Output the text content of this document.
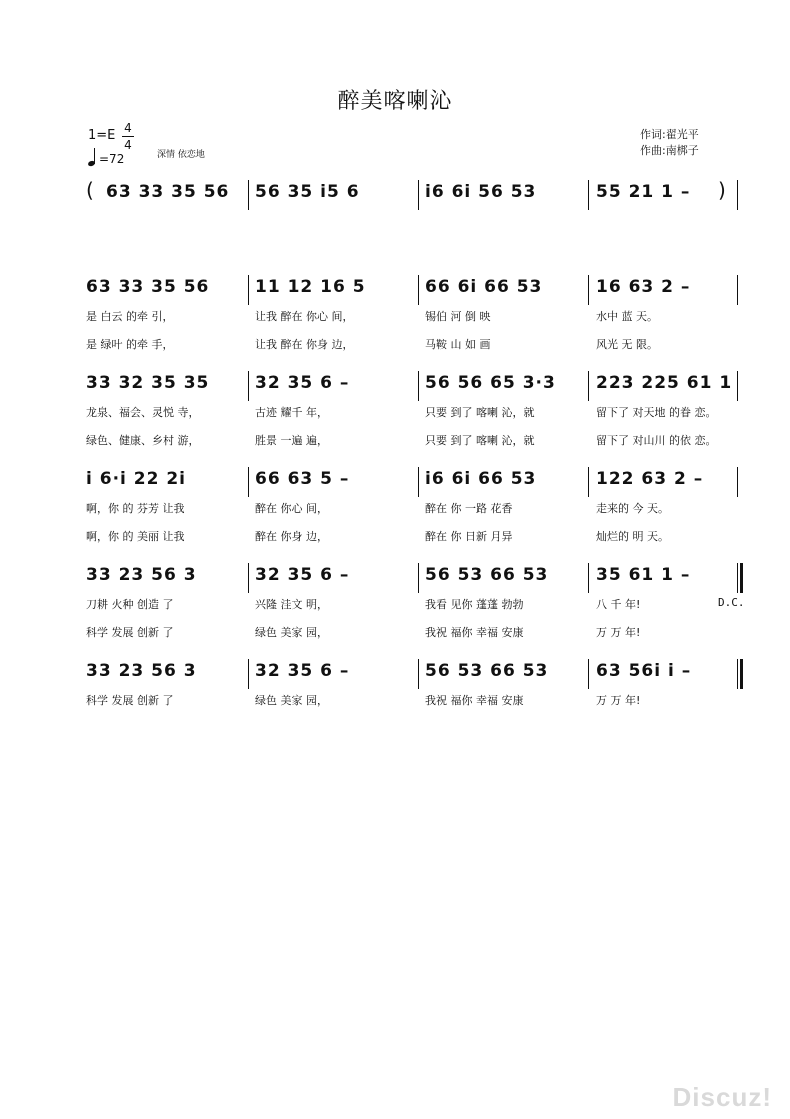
醉美喀喇沁
1=E 4
4
=72	深情 依恋地
作词:翟光平
作曲:南梆子
63 33 35 56 56 35 i5 6	i6 6i 56 53	55 21 1 –
(	)
63 33 35 56
是 白云 的牵 引，
是 绿叶 的牵 手，
11 12 16 5
让我 醉在 你心 间，
让我 醉在 你身 边，
66 6i 66 53
锡伯 河 倒 映
马鞍 山 如 画
16 63 2 –
水中 蓝 天。
风光 无 限。
33 32 35 35
龙泉、福会、灵悦 寺，
绿色、健康、乡村 游，
32 35 6 –
古迹 耀千 年，
胜景 一遍 遍，
56 56 65 3·3
只要 到了 喀喇 沁，就
只要 到了 喀喇 沁，就
223 225 61 1
留下了 对天地 的眷 恋。
留下了 对山川 的依 恋。
i 6·i 22 2i
啊，你 的 芬芳 让我
啊，你 的 美丽 让我
66 63 5 –
醉在 你心 间，
醉在 你身 边，
i6 6i 66 53
醉在 你 一路 花香
醉在 你 日新 月异
122 63 2 –
走来的 今 天。
灿烂的 明 天。
33 23 56 3
刀耕 火种 创造 了
科学 发展 创新 了
32 35 6 –
兴隆 洼文 明，
绿色 美家 园，
56 53 66 53
我看 见你 蓬蓬 勃勃
我祝 福你 幸福 安康
35 61 1 –
八 千 年!
万 万 年!
D.C.
33 23 56 3
科学 发展 创新 了
32 35 6 –
绿色 美家 园，
56 53 66 53
我祝 福你 幸福 安康
63 56i i –
万 万 年!
Discuz!
